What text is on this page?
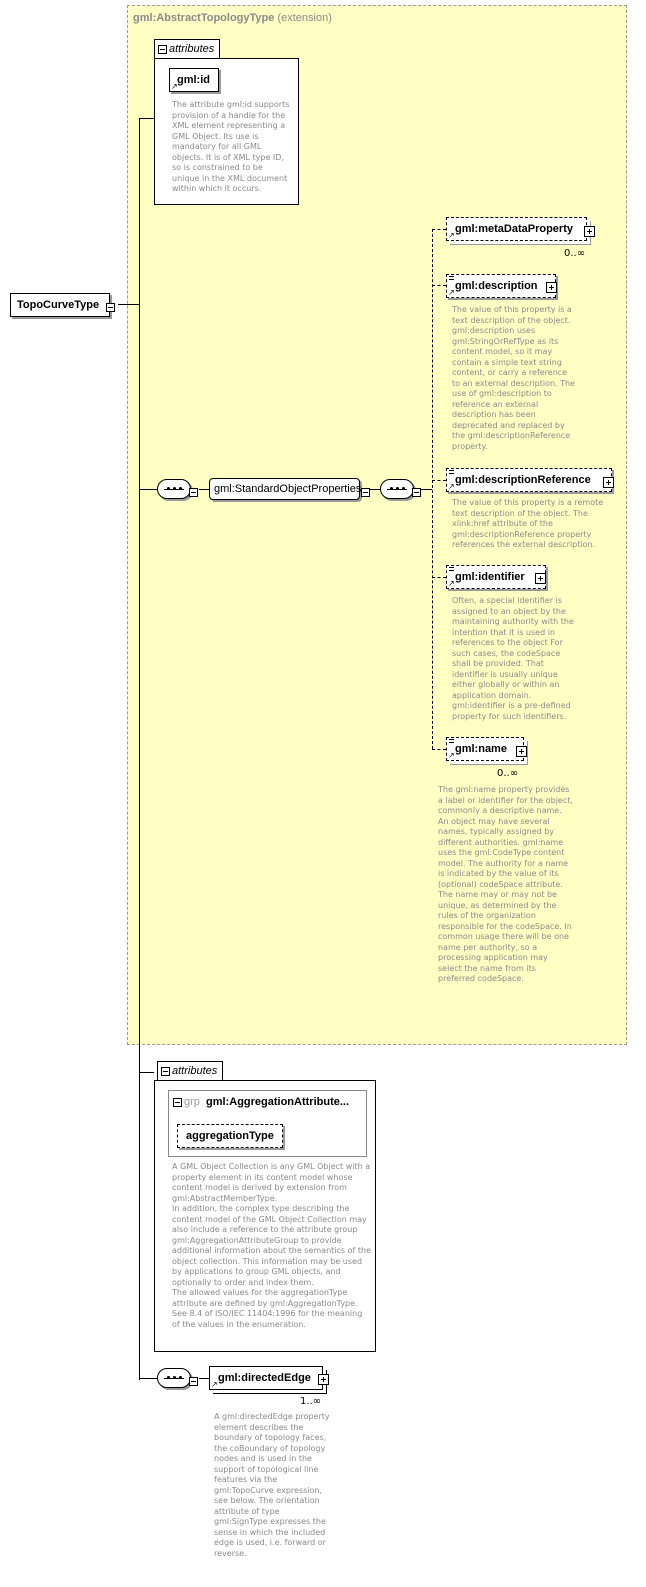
gml:AbstractTopologyType (extension)
TopoCurveType
attributes
gml:id
↗
The attribute gml:id supports provision of a handle for the XML element representing a GML Object. Its use is mandatory for all GML objects. It is of XML type ID, so is constrained to be unique in the XML document within which it occurs.
gml:StandardObjectProperties
gml:metaDataProperty
↗
0..∞
gml:description
↗
The value of this property is a text description of the object. gml:description uses gml:StringOrRefType as its content model, so it may contain a simple text string content, or carry a reference to an external description. The use of gml:description to reference an external description has been deprecated and replaced by the gml:descriptionReference property.
gml:descriptionReference
↗
The value of this property is a remote text description of the object. The xlink:href attribute of the gml:descriptionReference property references the external description.
gml:identifier
↗
Often, a special identifier is assigned to an object by the maintaining authority with the intention that it is used in references to the object For such cases, the codeSpace shall be provided. That identifier is usually unique either globally or within an application domain. gml:identifier is a pre-defined property for such identifiers.
gml:name
↗
0..∞
The gml:name property provides a label or identifier for the object, commonly a descriptive name. An object may have several names, typically assigned by different authorities. gml:name uses the gml:CodeType content model. The authority for a name is indicated by the value of its (optional) codeSpace attribute. The name may or may not be unique, as determined by the rules of the organization responsible for the codeSpace. In common usage there will be one name per authority, so a processing application may select the name from its preferred codeSpace.
attributes
grp gml:AggregationAttribute...
aggregationType
A GML Object Collection is any GML Object with a property element in its content model whose content model is derived by extension from gml:AbstractMemberType.
In addition, the complex type describing the content model of the GML Object Collection may also include a reference to the attribute group gml:AggregationAttributeGroup to provide additional information about the semantics of the object collection. This information may be used by applications to group GML objects, and optionally to order and index them.
The allowed values for the aggregationType attribute are defined by gml:AggregationType. See 8.4 of ISO/IEC 11404:1996 for the meaning of the values in the enumeration.
gml:directedEdge
↗
1..∞
A gml:directedEdge property element describes the boundary of topology faces, the coBoundary of topology nodes and is used in the support of topological line features via the gml:TopoCurve expression, see below. The orientation attribute of type gml:SignType expresses the sense in which the included edge is used, i.e. forward or reverse.
